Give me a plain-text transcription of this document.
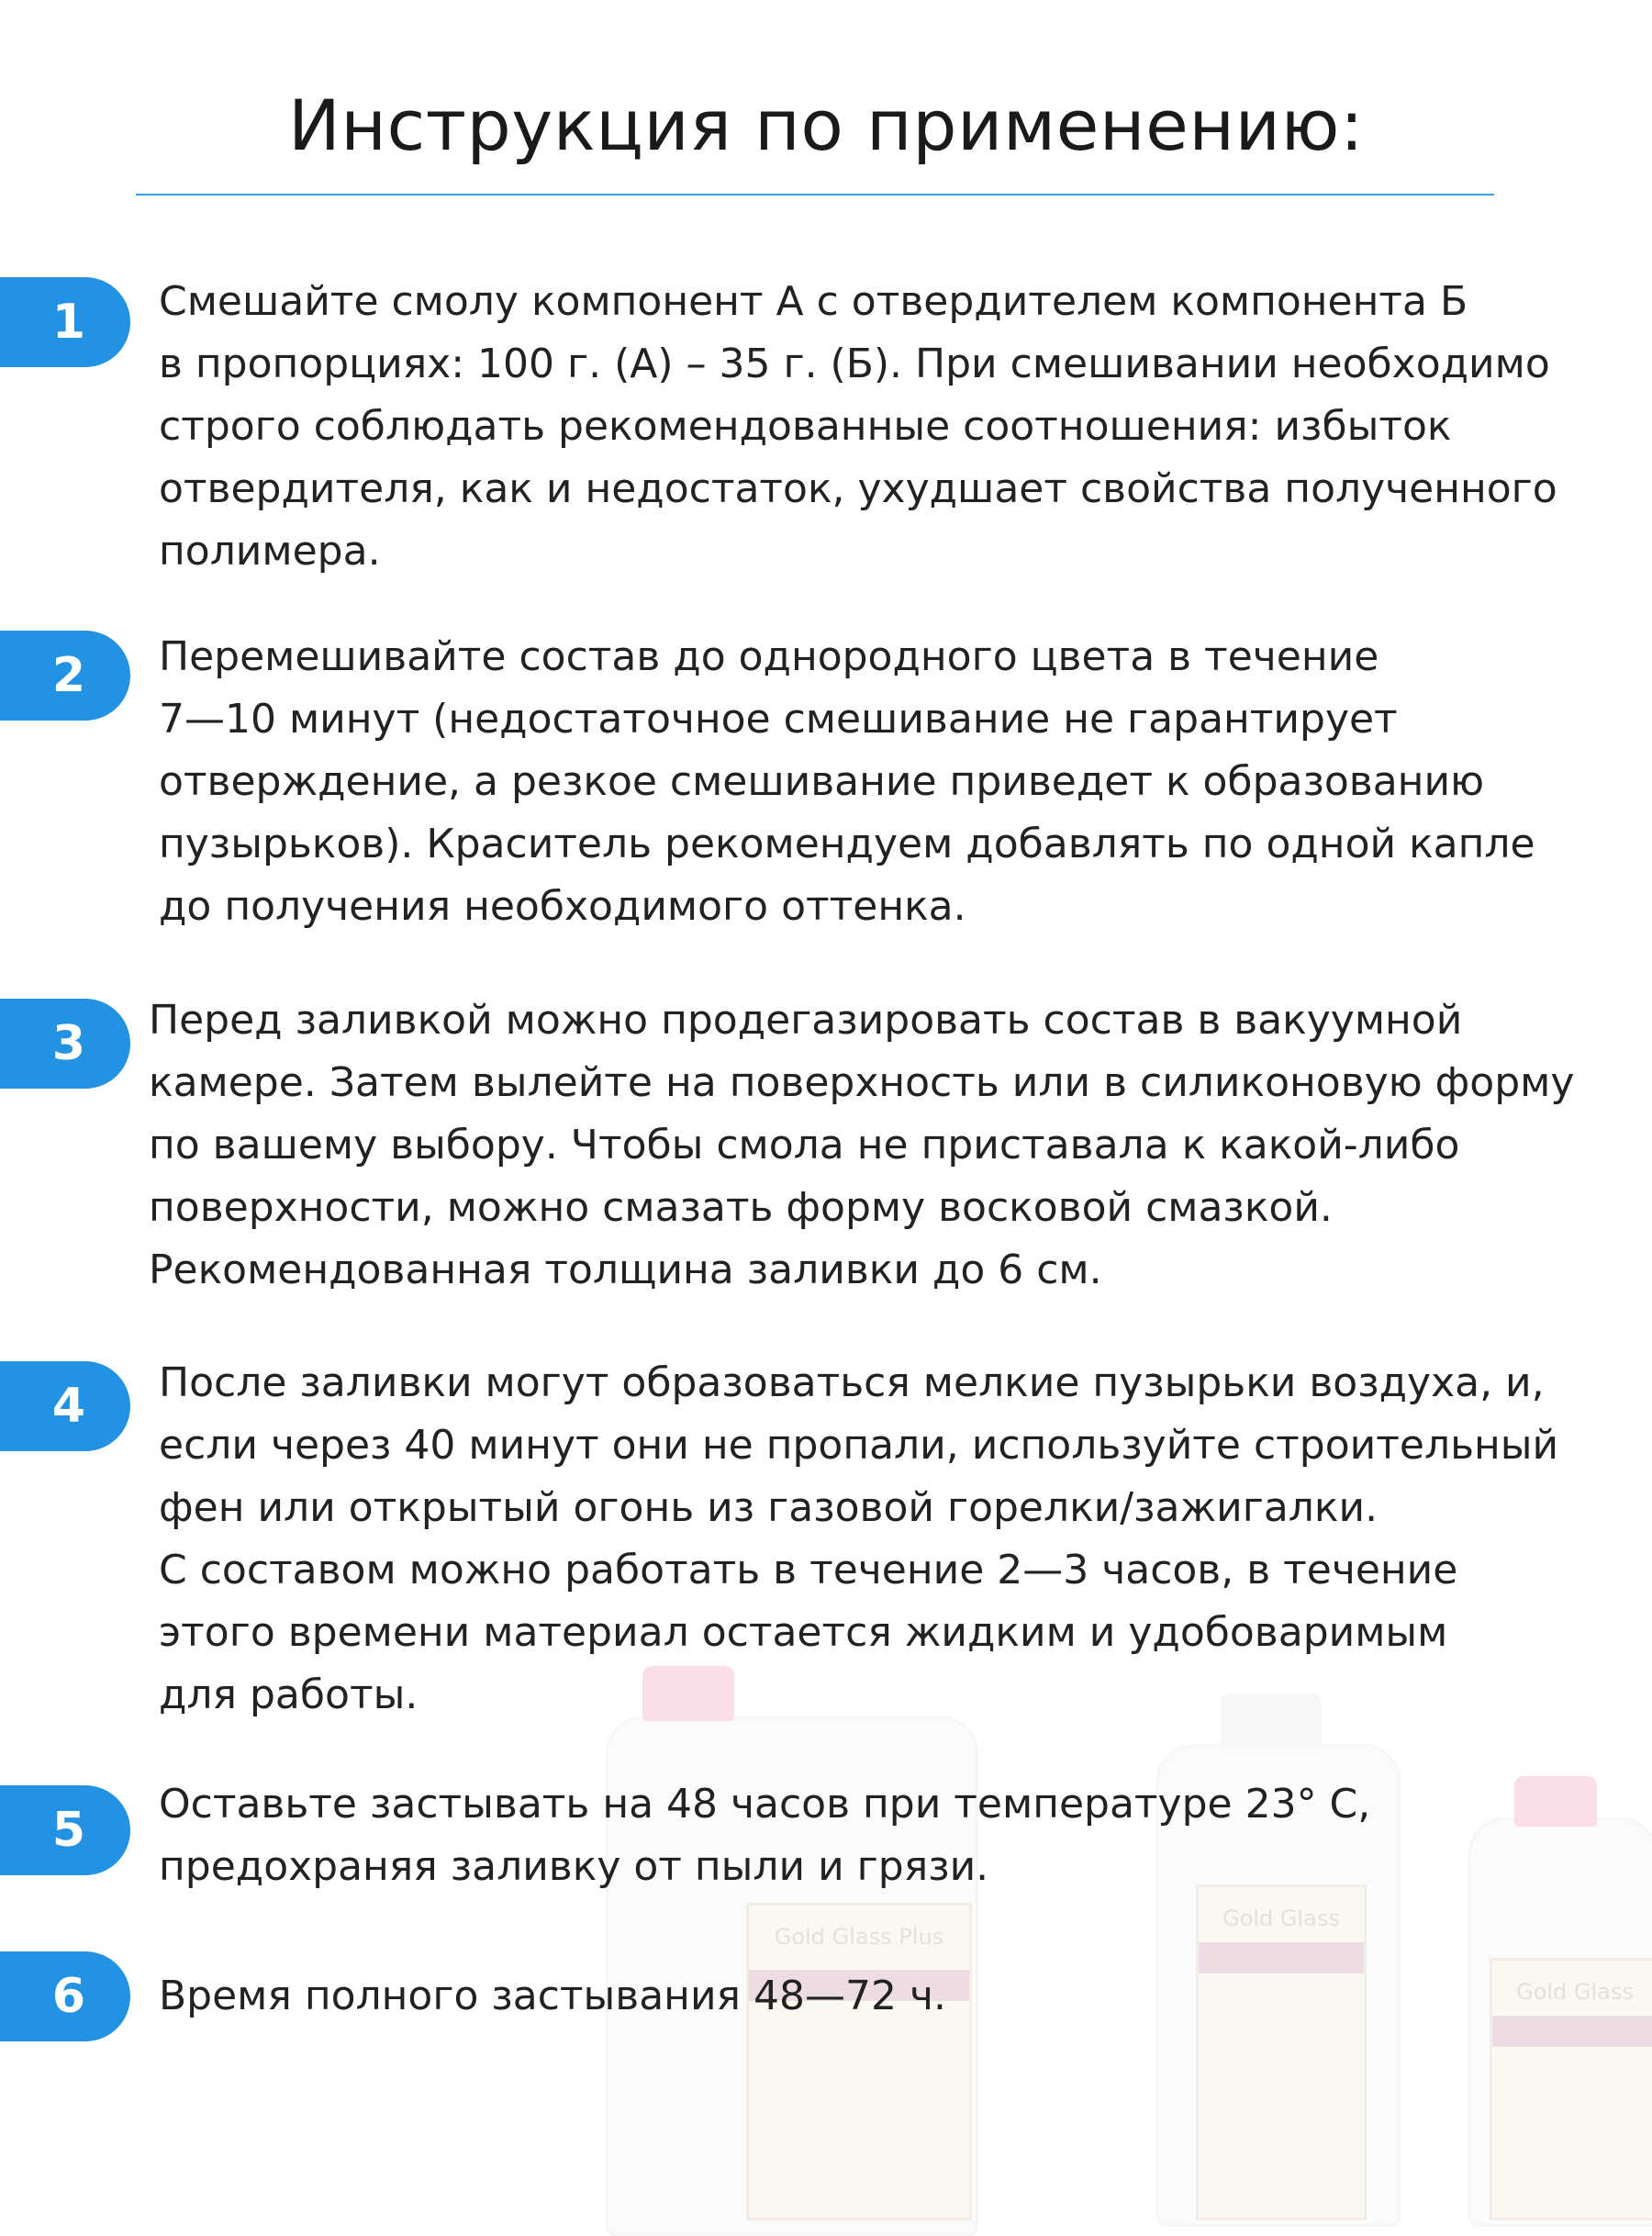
Инструкция по применению:
Gold Glass Plus
Gold Glass
Gold Glass
1	Смешайте смолу компонент А с отвердителем компонента Б
в пропорциях: 100 г. (А) – 35 г. (Б). При смешивании необходимо
строго соблюдать рекомендованные соотношения: избыток
отвердителя, как и недостаток, ухудшает свойства полученного
полимера.

2	Перемешивайте состав до однородного цвета в течение
7—10 минут (недостаточное смешивание не гарантирует
отверждение, а резкое смешивание приведет к образованию
пузырьков). Краситель рекомендуем добавлять по одной капле
до получения необходимого оттенка.

3	Перед заливкой можно продегазировать состав в вакуумной
камере. Затем вылейте на поверхность или в силиконовую форму
по вашему выбору. Чтобы смола не приставала к какой-либо
поверхности, можно смазать форму восковой смазкой.
Рекомендованная толщина заливки до 6 см.

4	После заливки могут образоваться мелкие пузырьки воздуха, и,
если через 40 минут они не пропали, используйте строительный
фен или открытый огонь из газовой горелки/зажигалки.
С составом можно работать в течение 2—3 часов, в течение
этого времени материал остается жидким и удобоваримым
для работы.

5	Оставьте застывать на 48 часов при температуре 23° С,
предохраняя заливку от пыли и грязи.

6	Время полного застывания 48—72 ч.
